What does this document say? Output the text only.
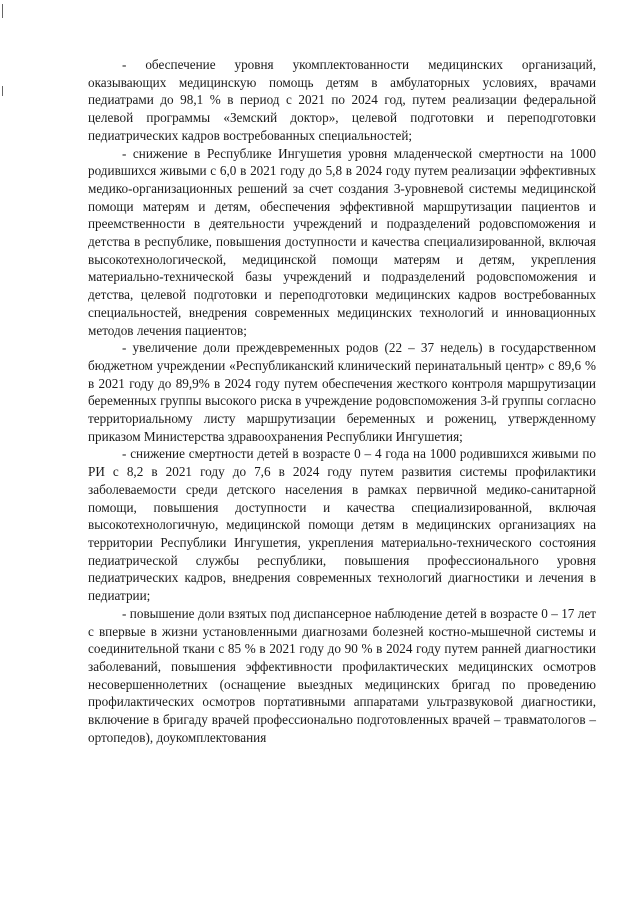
- обеспечение уровня укомплектованности медицинских организаций, оказывающих медицинскую помощь детям в амбулаторных условиях, врачами педиатрами до 98,1 % в период с 2021 по 2024 год, путем реализации федеральной целевой программы «Земский доктор», целевой подготовки и переподготовки педиатрических кадров востребованных специальностей;

- снижение в Республике Ингушетия уровня младенческой смертности на 1000 родившихся живыми с 6,0 в 2021 году до 5,8 в 2024 году путем реализации эффективных медико-организационных решений за счет создания 3-уровневой системы медицинской помощи матерям и детям, обеспечения эффективной маршрутизации пациентов и преемственности в деятельности учреждений и подразделений родовспоможения и детства в республике, повышения доступности и качества специализированной, включая высокотехнологической, медицинской помощи матерям и детям, укрепления материально-технической базы учреждений и подразделений родовспоможения и детства, целевой подготовки и переподготовки медицинских кадров востребованных специальностей, внедрения современных медицинских технологий и инновационных методов лечения пациентов;

- увеличение доли преждевременных родов (22 – 37 недель) в государственном бюджетном учреждении «Республиканский клинический перинатальный центр» с 89,6 % в 2021 году до 89,9% в 2024 году путем обеспечения жесткого контроля маршрутизации беременных группы высокого риска в учреждение родовспоможения 3-й группы согласно территориальному листу маршрутизации беременных и рожениц, утвержденному приказом Министерства здравоохранения Республики Ингушетия;

- снижение смертности детей в возрасте 0 – 4 года на 1000 родившихся живыми по РИ с 8,2 в 2021 году до 7,6 в 2024 году путем развития системы профилактики заболеваемости среди детского населения в рамках первичной медико-санитарной помощи, повышения доступности и качества специализированной, включая высокотехнологичную, медицинской помощи детям в медицинских организациях на территории Республики Ингушетия, укрепления материально-технического состояния педиатрической службы республики, повышения профессионального уровня педиатрических кадров, внедрения современных технологий диагностики и лечения в педиатрии;

- повышение доли взятых под диспансерное наблюдение детей в возрасте 0 – 17 лет с впервые в жизни установленными диагнозами болезней костно-мышечной системы и соединительной ткани с 85 % в 2021 году до 90 % в 2024 году путем ранней диагностики заболеваний, повышения эффективности профилактических медицинских осмотров несовершеннолетних (оснащение выездных медицинских бригад по проведению профилактических осмотров портативными аппаратами ультразвуковой диагностики, включение в бригаду врачей профессионально подготовленных врачей – травматологов – ортопедов), доукомплектования
